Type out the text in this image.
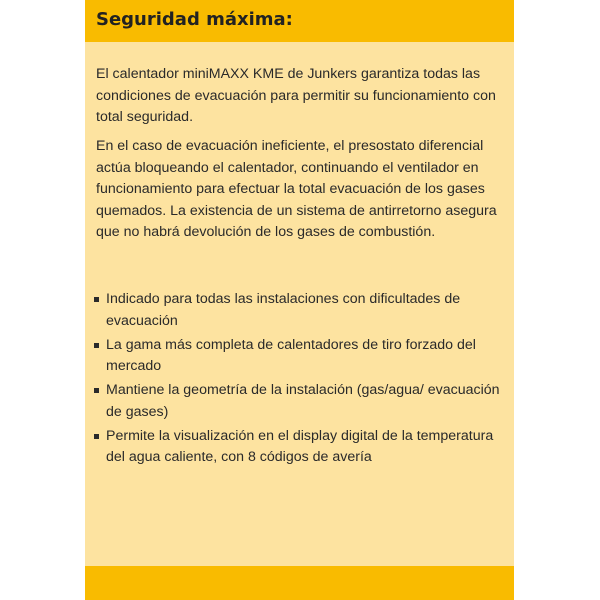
Seguridad máxima:

El calentador miniMAXX KME de Junkers garantiza todas las condiciones de evacuación para permitir su funcionamiento con total seguridad.

En el caso de evacuación ineficiente, el presostato diferencial actúa bloqueando el calentador, continuando el ventilador en funcionamiento para efectuar la total evacuación de los gases quemados. La existencia de un sistema de antirretorno asegura que no habrá devolución de los gases de combustión.

Indicado para todas las instalaciones con dificultades de evacuación
La gama más completa de calentadores de tiro forzado del mercado
Mantiene la geometría de la instalación (gas/agua/ evacuación de gases)
Permite la visualización en el display digital de la temperatura del agua caliente, con 8 códigos de avería
